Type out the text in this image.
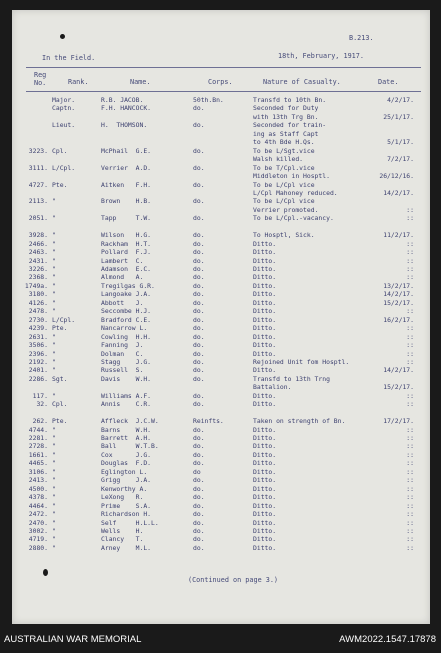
B.213.
In the Field.	18th, February, 1917.
Reg
No.	Rank.	Name.	Corps.	Nature of Casualty.	Date.
Major.	R.B. JACOB.	50th.Bn.	Transfd to 10th Bn.	4/2/17.
Captn.	F.H. HANCOCK.	do.	Seconded for Duty
with 13th Trg Bn.	25/1/17.
Lieut.	H.  THOMSON.	do.	Seconded for train-
ing as Staff Capt
to 4th Bde H.Qs.	5/1/17.
3223. Cpl.	McPhail  G.E.	do.	To be L/Sgt.vice
Walsh killed.	7/2/17.
3111. L/Cpl.	Verrier  A.D.	do.	To be T/Cpl.vice
Middleton in Hosptl.	26/12/16.
4727. Pte.	Aitken   F.H.	do.	To be L/Cpl vice
L/Cpl Mahoney reduced.	14/2/17.
2113. "	Brown    H.B.	do.	To be L/Cpl vice
Verrier promoted.	::
2051. "	Tapp     T.W.	do.	To be L/Cpl.-vacancy.	::
3928. "	Wilson   H.G.	do.	To Hosptl, Sick.	11/2/17.
2466. "	Rackham  H.T.	do.	Ditto.	::
2463. "	Pollard  F.J.	do.	Ditto.	::
2431. "	Lambert  C.	do.	Ditto.	::
3226. "	Adamson  E.C.	do.	Ditto.	::
2368. "	Almond   A.	do.	Ditto.	::
1749a. "	Tregilgas G.R.	do.	Ditto.	13/2/17.
3180. "	Langoake J.A.	do.	Ditto.	14/2/17.
4126. "	Abbott   J.	do.	Ditto.	15/2/17.
2478. "	Seccombe H.J.	do.	Ditto.	::
2730. L/Cpl.	Bradford C.E.	do.	Ditto.	16/2/17.
4239. Pte.	Nancarrow L.	do.	Ditto.	::
2631. "	Cowling  H.H.	do.	Ditto.	::
3506. "	Fanning  J.	do.	Ditto.	::
2396. "	Dolman   C.	do.	Ditto.	::
2192. "	Stagg    J.G.	do.	Rejoined Unit fom Hosptl.	::
2401. "	Russell  S.	do.	Ditto.	14/2/17.
2286. Sgt.	Davis    W.H.	do.	Transfd to 13th Trng
Battalion.	15/2/17.
117. "	Williams A.F.	do.	Ditto.	::
32. Cpl.	Annis    C.R.	do.	Ditto.	::
262. Pte.	Affleck  J.C.W.	Reinfts.	Taken on strength of Bn.	17/2/17.
4744. "	Barns    W.H.	do.	Ditto.	::
2281. "	Barrett  A.H.	do.	Ditto.	::
2728. "	Ball     W.T.B.	do.	Ditto.	::
1661. "	Cox      J.G.	do.	Ditto.	::
4465. "	Douglas  F.D.	do.	Ditto.	::
3106. "	Eglington L.	do	Ditto.	::
2413. "	Grigg    J.A.	do.	Ditto.	::
4500. "	Kenworthy A.	do.	Ditto.	::
4378. "	LeXong   R.	do.	Ditto.	::
4464. "	Prime    S.A.	do.	Ditto.	::
2472. "	Richardson H.	do.	Ditto.	::
2470. "	Self     H.L.L.	do.	Ditto.	::
3002. "	Wells    H.	do.	Ditto.	::
4719. "	Clancy   T.	do.	Ditto.	::
2880. "	Arney    M.L.	do.	Ditto.	::
(Continued on page 3.)
AUSTRALIAN WAR MEMORIAL	AWM2022.1547.17878
